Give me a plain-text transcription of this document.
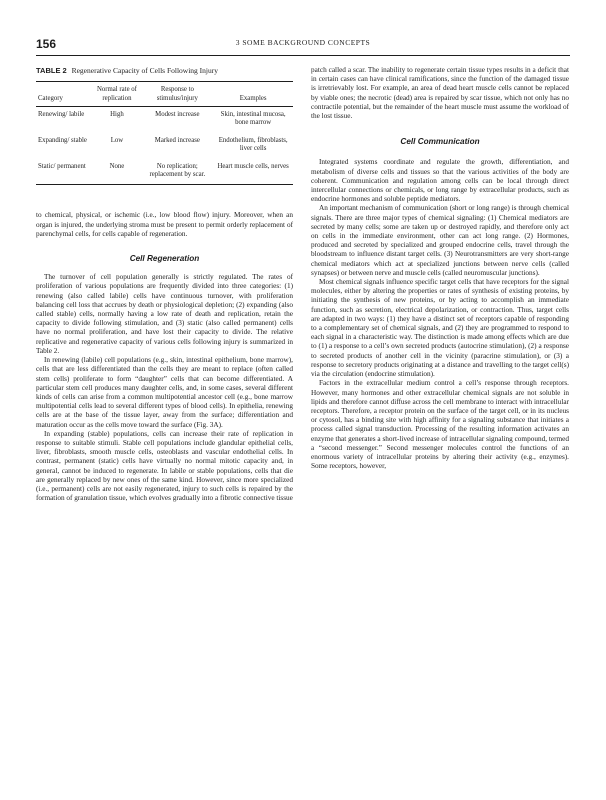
156	3 SOME BACKGROUND CONCEPTS
TABLE 2 Regenerative Capacity of Cells Following Injury
Category	Normal rate of replication	Response to stimulus/injury	Examples
Renewing/ labile	High	Modest increase	Skin, intestinal mucosa, bone marrow
Expanding/ stable	Low	Marked increase	Endothelium, fibroblasts, liver cells
Static/ permanent	None	No replication; replacement by scar.	Heart muscle cells, nerves

to chemical, physical, or ischemic (i.e., low blood flow) injury. Moreover, when an organ is injured, the underlying stroma must be present to permit orderly replacement of parenchymal cells, for cells capable of regeneration.

Cell Regeneration

The turnover of cell population generally is strictly regulated. The rates of proliferation of various populations are frequently divided into three categories: (1) renewing (also called labile) cells have continuous turnover, with proliferation balancing cell loss that accrues by death or physiological depletion; (2) expanding (also called stable) cells, normally having a low rate of death and replication, retain the capacity to divide following stimulation, and (3) static (also called permanent) cells have no normal proliferation, and have lost their capacity to divide. The relative replicative and regenerative capacity of various cells following injury is summarized in Table 2.

In renewing (labile) cell populations (e.g., skin, intestinal epithelium, bone marrow), cells that are less differentiated than the cells they are meant to replace (often called stem cells) proliferate to form “daughter” cells that can become differentiated. A particular stem cell produces many daughter cells, and, in some cases, several different kinds of cells can arise from a common multipotential ancestor cell (e.g., bone marrow multipotential cells lead to several different types of blood cells). In epithelia, renewing cells are at the base of the tissue layer, away from the surface; differentiation and maturation occur as the cells move toward the surface (Fig. 3A).

In expanding (stable) populations, cells can increase their rate of replication in response to suitable stimuli. Stable cell populations include glandular epithelial cells, liver, fibroblasts, smooth muscle cells, osteoblasts and vascular endothelial cells. In contrast, permanent (static) cells have virtually no normal mitotic capacity and, in general, cannot be induced to regenerate. In labile or stable populations, cells that die are generally replaced by new ones of the same kind. However, since more specialized (i.e., permanent) cells are not easily regenerated, injury to such cells is repaired by the formation of granulation tissue, which evolves gradually into a fibrotic connective tissue

patch called a scar. The inability to regenerate certain tissue types results in a deficit that in certain cases can have clinical ramifications, since the function of the damaged tissue is irretrievably lost. For example, an area of dead heart muscle cells cannot be replaced by viable ones; the necrotic (dead) area is repaired by scar tissue, which not only has no contractile potential, but the remainder of the heart muscle must assume the workload of the lost tissue.

Cell Communication

Integrated systems coordinate and regulate the growth, differentiation, and metabolism of diverse cells and tissues so that the various activities of the body are coherent. Communication and regulation among cells can be local through direct intercellular connections or chemicals, or long range by extracellular products, such as endocrine hormones and soluble peptide mediators.

An important mechanism of communication (short or long range) is through chemical signals. There are three major types of chemical signaling: (1) Chemical mediators are secreted by many cells; some are taken up or destroyed rapidly, and therefore only act on cells in the immediate environment, other can act long range. (2) Hormones, produced and secreted by specialized and grouped endocrine cells, travel through the bloodstream to influence distant target cells. (3) Neurotransmitters are very short-range chemical mediators which act at specialized junctions between nerve cells (called synapses) or between nerve and muscle cells (called neuromuscular junctions).

Most chemical signals influence specific target cells that have receptors for the signal molecules, either by altering the properties or rates of synthesis of existing proteins, by initiating the synthesis of new proteins, or by acting to accomplish an immediate function, such as secretion, electrical depolarization, or contraction. Thus, target cells are adapted in two ways: (1) they have a distinct set of receptors capable of responding to a complementary set of chemical signals, and (2) they are programmed to respond to each signal in a characteristic way. The distinction is made among effects which are due to (1) a response to a cell’s own secreted products (autocrine stimulation), (2) a response to secreted products of another cell in the vicinity (paracrine stimulation), or (3) a response to secretory products originating at a distance and travelling to the target cell(s) via the circulation (endocrine stimulation).

Factors in the extracellular medium control a cell’s response through receptors. However, many hormones and other extracellular chemical signals are not soluble in lipids and therefore cannot diffuse across the cell membrane to interact with intracellular receptors. Therefore, a receptor protein on the surface of the target cell, or in its nucleus or cytosol, has a binding site with high affinity for a signaling substance that initiates a process called signal transduction. Processing of the resulting information activates an enzyme that generates a short-lived increase of intracellular signaling compound, termed a “second messenger.” Second messenger molecules control the functions of an enormous variety of intracellular proteins by altering their activity (e.g., enzymes). Some receptors, however,
